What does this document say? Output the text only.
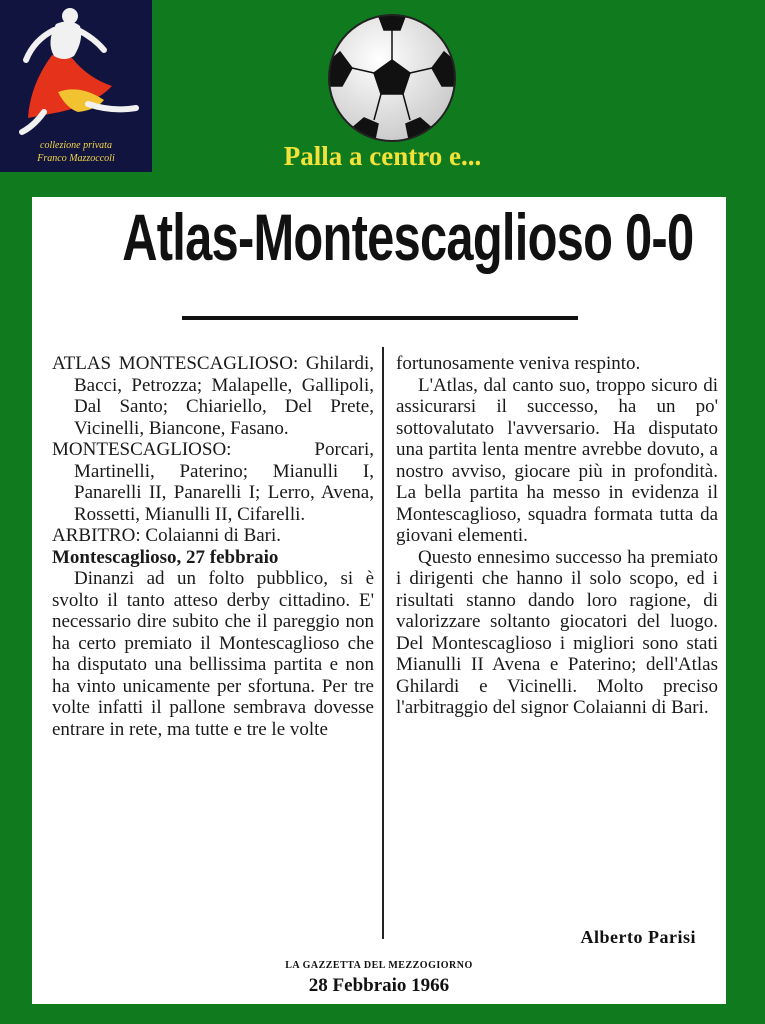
collezione privata
Franco Mazzoccoli	Palla a centro e...
Atlas-Montescaglioso 0-0

ATLAS MONTESCAGLIOSO: Ghilardi, Bacci, Petrozza; Malapelle, Gallipoli, Dal Santo; Chiariello, Del Prete, Vicinelli, Biancone, Fasano.

MONTESCAGLIOSO: Porcari, Martinelli, Paterino; Mianulli I, Panarelli II, Panarelli I; Lerro, Avena, Rossetti, Mianulli II, Cifarelli.

ARBITRO: Colaianni di Bari.

Montescaglioso, 27 febbraio

Dinanzi ad un folto pubblico, si è svolto il tanto atteso derby cittadino. E' necessario dire subito che il pareggio non ha certo premiato il Montescaglioso che ha disputato una bellissima partita e non ha vinto unicamente per sfortuna. Per tre volte infatti il pallone sembrava dovesse entrare in rete, ma tutte e tre le volte

fortunosamente veniva respinto.

L'Atlas, dal canto suo, troppo sicuro di assicurarsi il successo, ha un po' sottovalutato l'avversario. Ha disputato una partita lenta mentre avrebbe dovuto, a nostro avviso, giocare più in profondità. La bella partita ha messo in evidenza il Montescaglioso, squadra formata tutta da giovani elementi.

Questo ennesimo successo ha premiato i dirigenti che hanno il solo scopo, ed i risultati stanno dando loro ragione, di valorizzare soltanto giocatori del luogo. Del Montescaglioso i migliori sono stati Mianulli II Avena e Paterino; dell'Atlas Ghilardi e Vicinelli. Molto preciso l'arbitraggio del signor Colaianni di Bari.

Alberto Parisi
LA GAZZETTA DEL MEZZOGIORNO
28 Febbraio 1966
